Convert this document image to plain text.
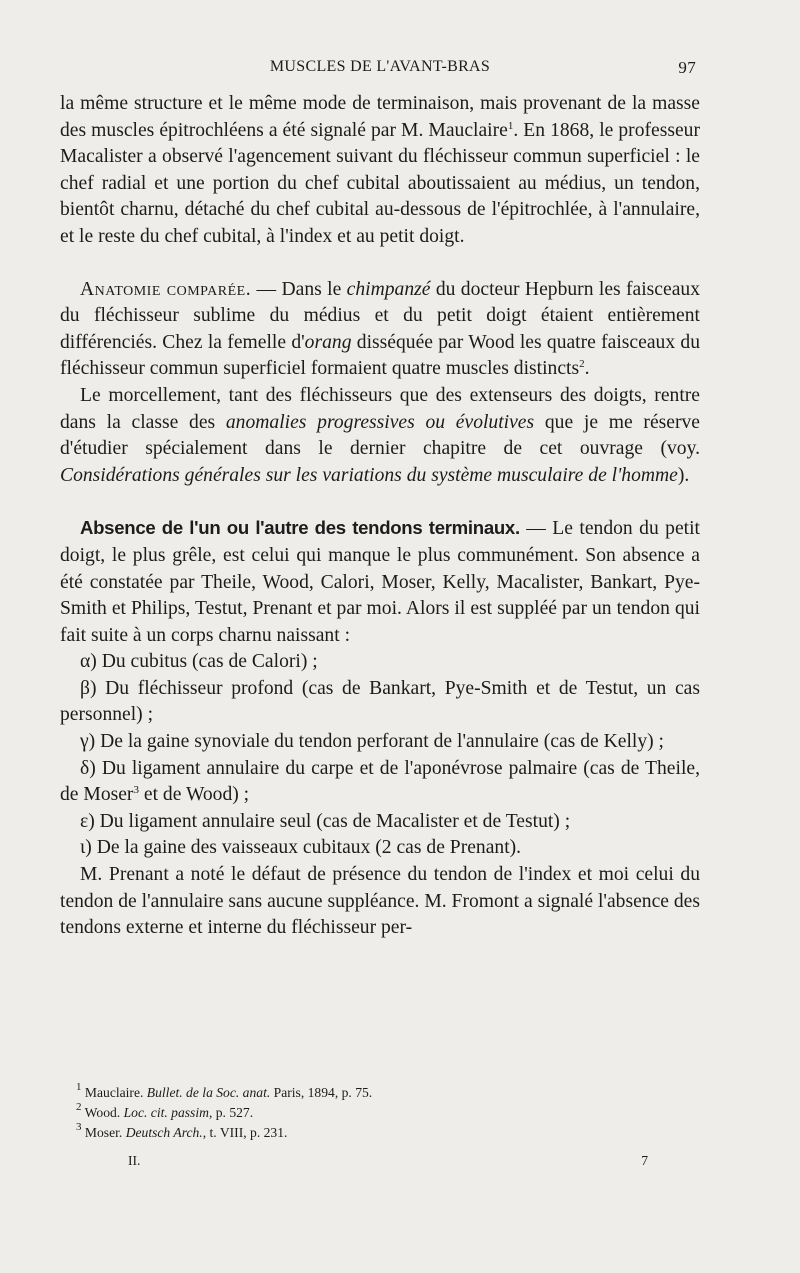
MUSCLES DE L'AVANT-BRAS	97

la même structure et le même mode de terminaison, mais provenant de la masse des muscles épitrochléens a été signalé par M. Mauclaire$^1$. En 1868, le professeur Macalister a observé l'agencement suivant du fléchisseur commun superficiel : le chef radial et une portion du chef cubital aboutissaient au médius, un tendon, bientôt charnu, détaché du chef cubital au-dessous de l'épitrochlée, à l'annulaire, et le reste du chef cubital, à l'index et au petit doigt.

Anatomie comparée. — Dans le chimpanzé du docteur Hepburn les faisceaux du fléchisseur sublime du médius et du petit doigt étaient entièrement différenciés. Chez la femelle d'orang disséquée par Wood les quatre faisceaux du fléchisseur commun superficiel formaient quatre muscles distincts$^2$.

Le morcellement, tant des fléchisseurs que des extenseurs des doigts, rentre dans la classe des anomalies progressives ou évolutives que je me réserve d'étudier spécialement dans le dernier chapitre de cet ouvrage (voy. Considérations générales sur les variations du système musculaire de l'homme).

Absence de l'un ou l'autre des tendons terminaux. — Le tendon du petit doigt, le plus grêle, est celui qui manque le plus communément. Son absence a été constatée par Theile, Wood, Calori, Moser, Kelly, Macalister, Bankart, Pye-Smith et Philips, Testut, Prenant et par moi. Alors il est suppléé par un tendon qui fait suite à un corps charnu naissant :

α) Du cubitus (cas de Calori) ;

β) Du fléchisseur profond (cas de Bankart, Pye-Smith et de Testut, un cas personnel) ;

γ) De la gaine synoviale du tendon perforant de l'annulaire (cas de Kelly) ;

δ) Du ligament annulaire du carpe et de l'aponévrose palmaire (cas de Theile, de Moser$^3$ et de Wood) ;

ε) Du ligament annulaire seul (cas de Macalister et de Testut) ;

ι) De la gaine des vaisseaux cubitaux (2 cas de Prenant).

M. Prenant a noté le défaut de présence du tendon de l'index et moi celui du tendon de l'annulaire sans aucune suppléance. M. Fromont a signalé l'absence des tendons externe et interne du fléchisseur per-

$^1$ Mauclaire. Bullet. de la Soc. anat. Paris, 1894, p. 75.
$^2$ Wood. Loc. cit. passim, p. 527.
$^3$ Moser. Deutsch Arch., t. VIII, p. 231.
II.	7
